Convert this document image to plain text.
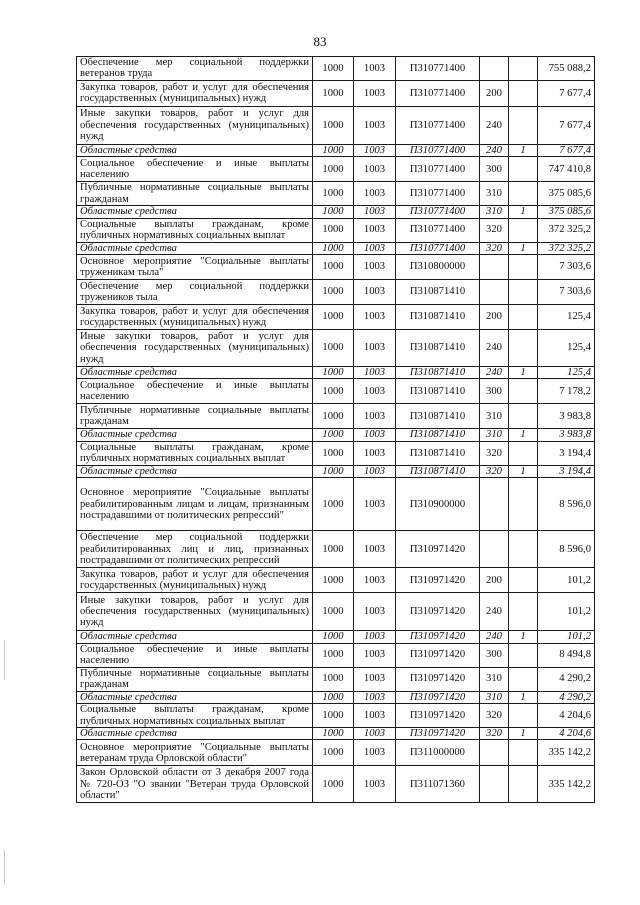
83
Обеспечение мер социальной поддержки ветеранов труда	1000	1003	П310771400			755 088,2
Закупка товаров, работ и услуг для обеспечения государственных (муниципальных) нужд	1000	1003	П310771400	200		7 677,4
Иные закупки товаров, работ и услуг для обеспечения государственных (муниципальных) нужд	1000	1003	П310771400	240		7 677,4
Областные средства	1000	1003	П310771400	240	1	7 677,4
Социальное обеспечение и иные выплаты населению	1000	1003	П310771400	300		747 410,8
Публичные нормативные социальные выплаты гражданам	1000	1003	П310771400	310		375 085,6
Областные средства	1000	1003	П310771400	310	1	375 085,6
Социальные выплаты гражданам, кроме публичных нормативных социальных выплат	1000	1003	П310771400	320		372 325,2
Областные средства	1000	1003	П310771400	320	1	372 325,2
Основное мероприятие "Социальные выплаты труженикам тыла"	1000	1003	П310800000			7 303,6
Обеспечение мер социальной поддержки тружеников тыла	1000	1003	П310871410			7 303,6
Закупка товаров, работ и услуг для обеспечения государственных (муниципальных) нужд	1000	1003	П310871410	200		125,4
Иные закупки товаров, работ и услуг для обеспечения государственных (муниципальных) нужд	1000	1003	П310871410	240		125,4
Областные средства	1000	1003	П310871410	240	1	125,4
Социальное обеспечение и иные выплаты населению	1000	1003	П310871410	300		7 178,2
Публичные нормативные социальные выплаты гражданам	1000	1003	П310871410	310		3 983,8
Областные средства	1000	1003	П310871410	310	1	3 983,8
Социальные выплаты гражданам, кроме публичных нормативных социальных выплат	1000	1003	П310871410	320		3 194,4
Областные средства	1000	1003	П310871410	320	1	3 194,4
Основное мероприятие "Социальные выплаты реабилитированным лицам и лицам, признанным пострадавшими от политических репрессий"	1000	1003	П310900000			8 596,0
Обеспечение мер социальной поддержки реабилитированных лиц и лиц, признанных пострадавшими от политических репрессий	1000	1003	П310971420			8 596,0
Закупка товаров, работ и услуг для обеспечения государственных (муниципальных) нужд	1000	1003	П310971420	200		101,2
Иные закупки товаров, работ и услуг для обеспечения государственных (муниципальных) нужд	1000	1003	П310971420	240		101,2
Областные средства	1000	1003	П310971420	240	1	101,2
Социальное обеспечение и иные выплаты населению	1000	1003	П310971420	300		8 494,8
Публичные нормативные социальные выплаты гражданам	1000	1003	П310971420	310		4 290,2
Областные средства	1000	1003	П310971420	310	1	4 290,2
Социальные выплаты гражданам, кроме публичных нормативных социальных выплат	1000	1003	П310971420	320		4 204,6
Областные средства	1000	1003	П310971420	320	1	4 204,6
Основное мероприятие "Социальные выплаты ветеранам труда Орловской области"	1000	1003	П311000000			335 142,2
Закон Орловской области от 3 декабря 2007 года № 720-ОЗ "О звании "Ветеран труда Орловской области"	1000	1003	П311071360			335 142,2
